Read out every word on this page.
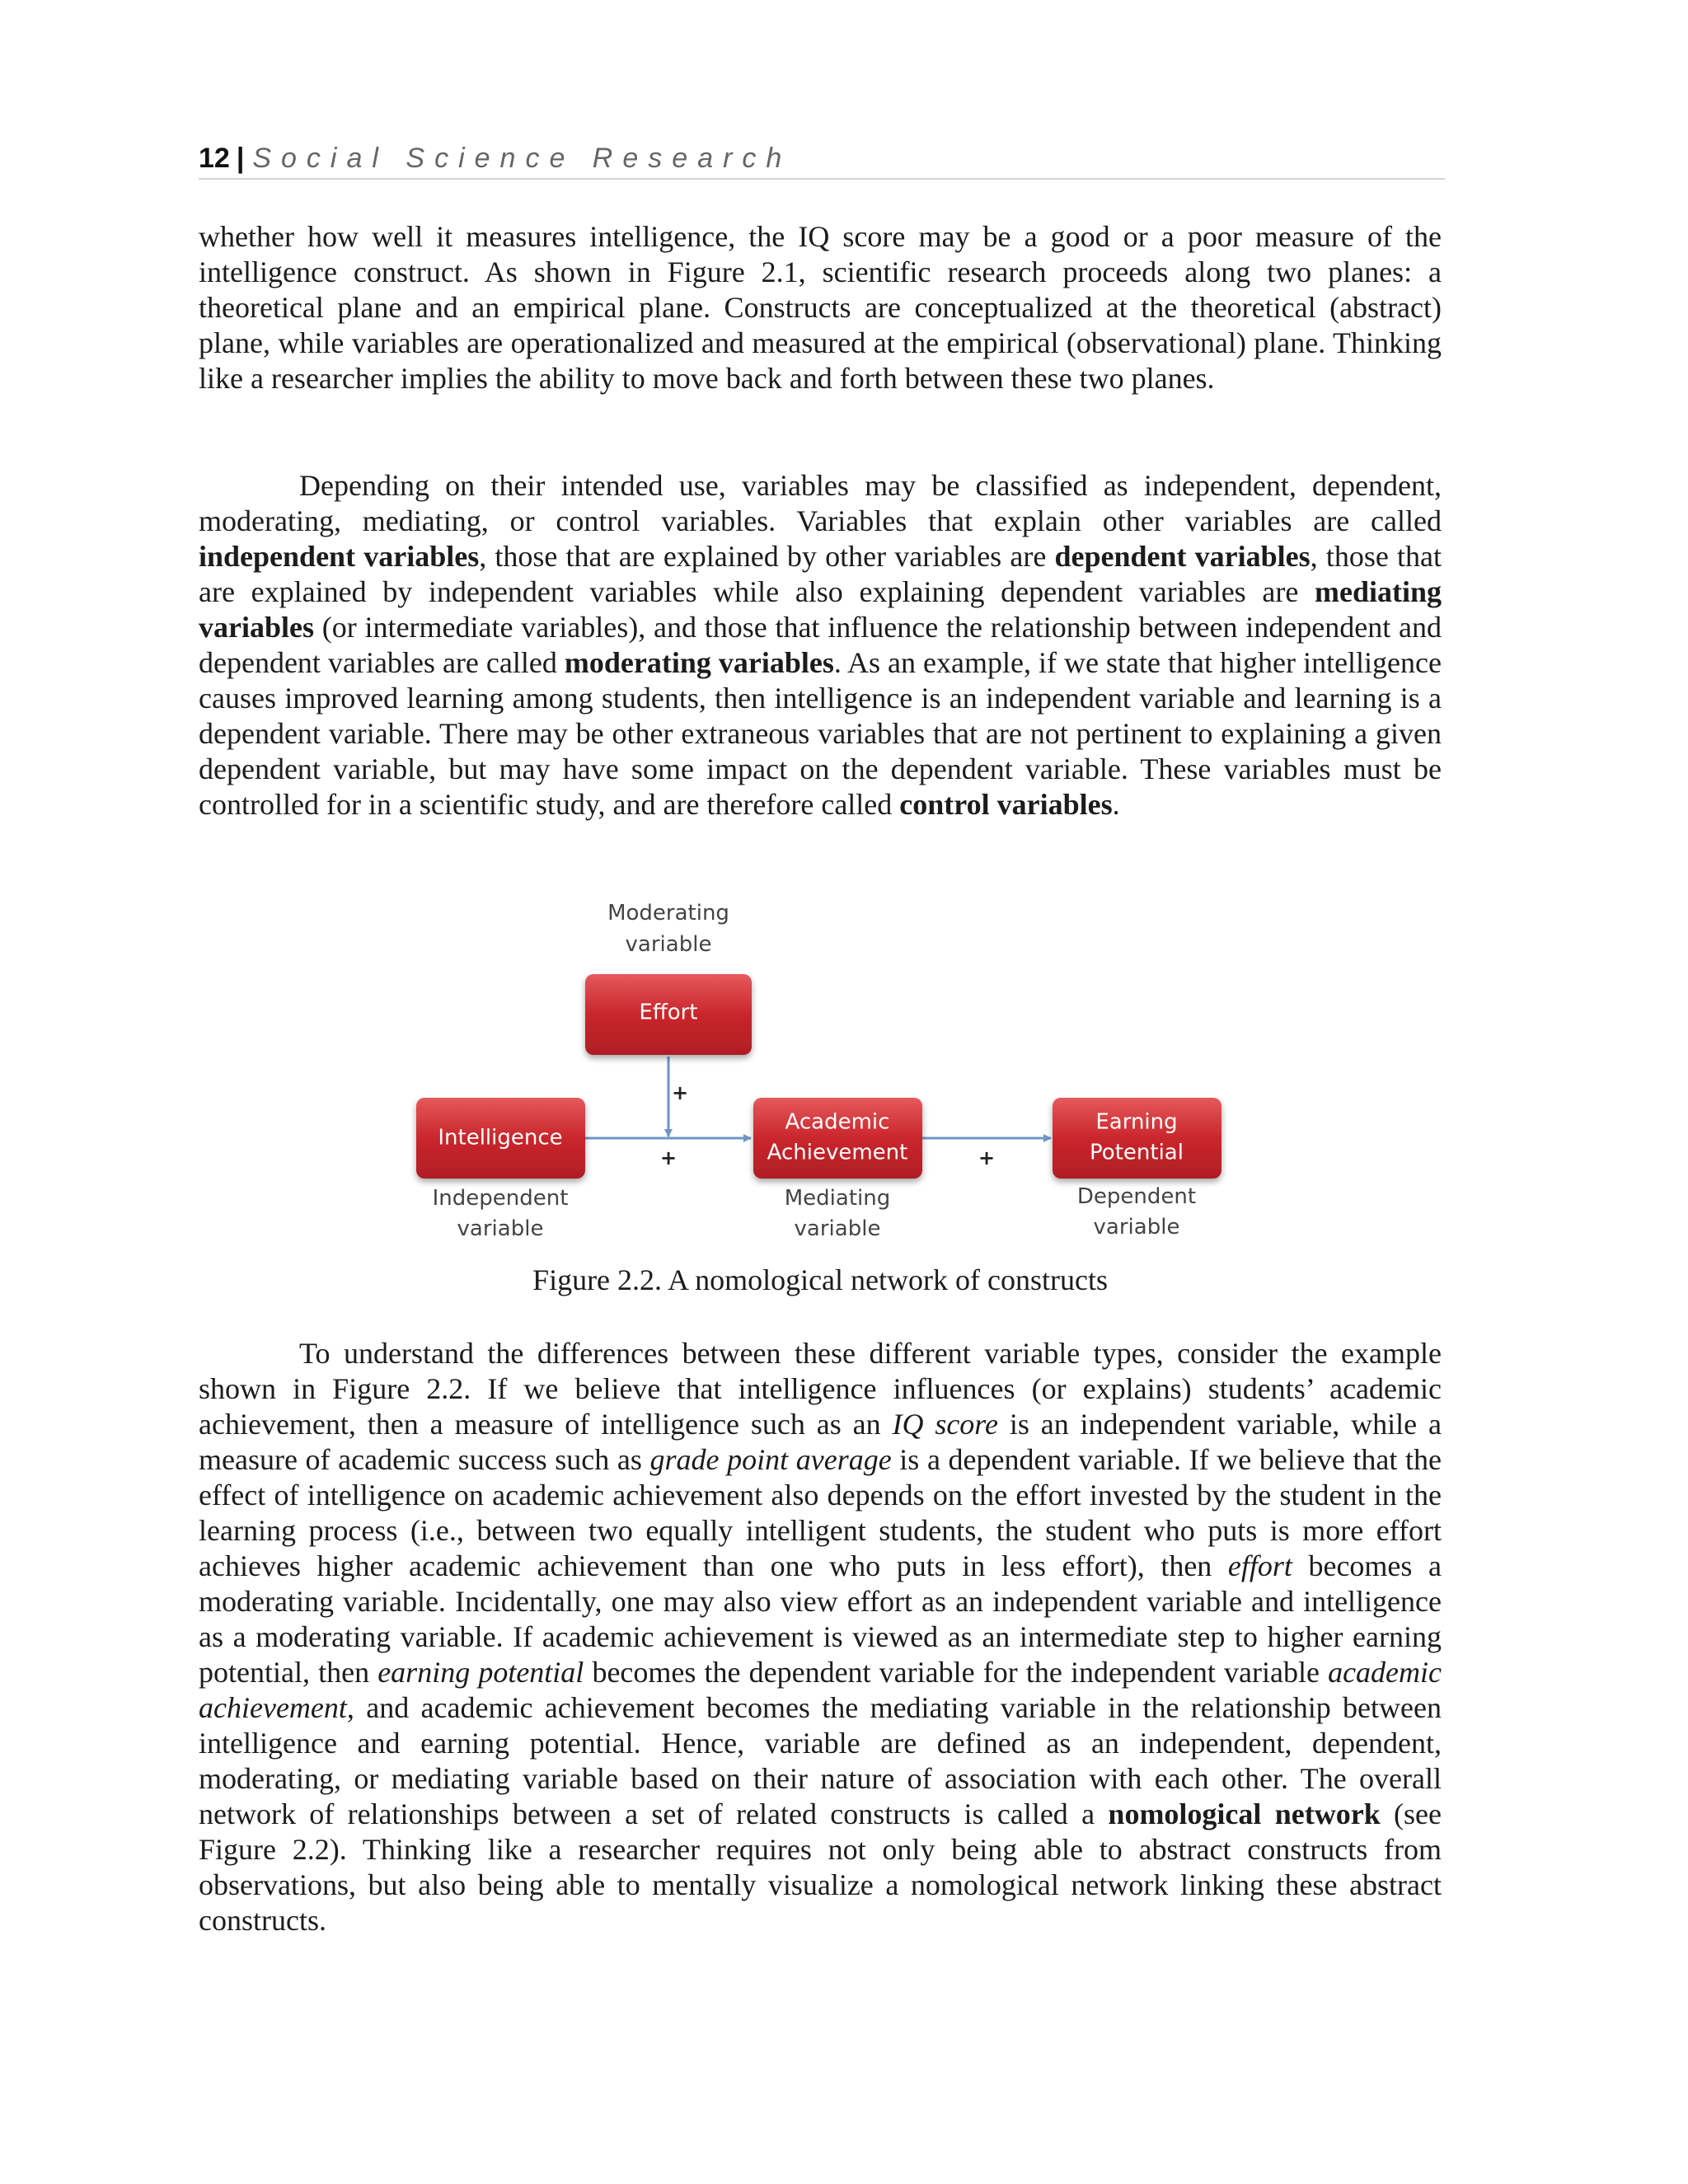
12 | Social Science Research

whether how well it measures intelligence, the IQ score may be a good or a poor measure of the intelligence construct. As shown in Figure 2.1, scientific research proceeds along two planes: a theoretical plane and an empirical plane. Constructs are conceptualized at the theoretical (abstract) plane, while variables are operationalized and measured at the empirical (observational) plane. Thinking like a researcher implies the ability to move back and forth between these two planes.

Depending on their intended use, variables may be classified as independent, dependent, moderating, mediating, or control variables. Variables that explain other variables are called independent variables, those that are explained by other variables are dependent variables, those that are explained by independent variables while also explaining dependent variables are mediating variables (or intermediate variables), and those that influence the relationship between independent and dependent variables are called moderating variables. As an example, if we state that higher intelligence causes improved learning among students, then intelligence is an independent variable and learning is a dependent variable. There may be other extraneous variables that are not pertinent to explaining a given dependent variable, but may have some impact on the dependent variable. These variables must be controlled for in a scientific study, and are therefore called control variables.

Moderating
variable
+
+	+
Effort
Intelligence
Independent
variable
Academic
Achievement
Mediating
variable
Earning
Potential
Dependent
variable
Figure 2.2. A nomological network of constructs

To understand the differences between these different variable types, consider the example shown in Figure 2.2. If we believe that intelligence influences (or explains) students’ academic achievement, then a measure of intelligence such as an IQ score is an independent variable, while a measure of academic success such as grade point average is a dependent variable. If we believe that the effect of intelligence on academic achievement also depends on the effort invested by the student in the learning process (i.e., between two equally intelligent students, the student who puts is more effort achieves higher academic achievement than one who puts in less effort), then effort becomes a moderating variable. Incidentally, one may also view effort as an independent variable and intelligence as a moderating variable. If academic achievement is viewed as an intermediate step to higher earning potential, then earning potential becomes the dependent variable for the independent variable academic achievement, and academic achievement becomes the mediating variable in the relationship between intelligence and earning potential. Hence, variable are defined as an independent, dependent, moderating, or mediating variable based on their nature of association with each other. The overall network of relationships between a set of related constructs is called a nomological network (see Figure 2.2). Thinking like a researcher requires not only being able to abstract constructs from observations, but also being able to mentally visualize a nomological network linking these abstract constructs.
